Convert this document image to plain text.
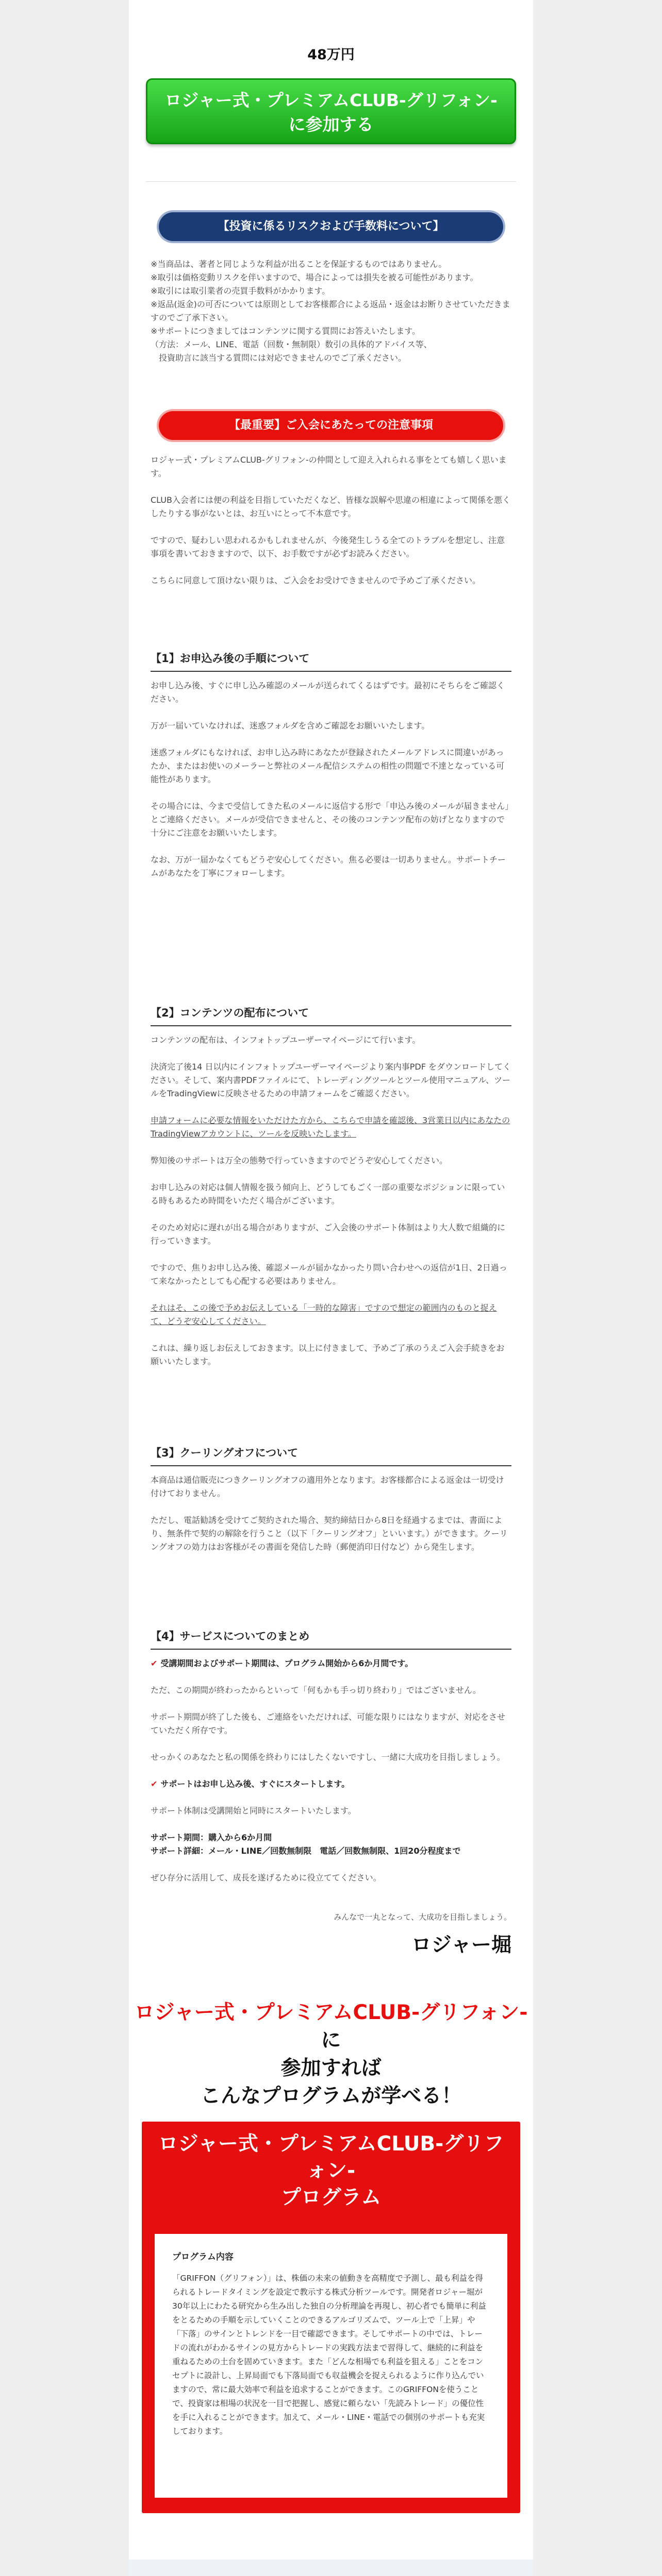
48万円
ロジャー式・プレミアムCLUB-グリフォン-
に参加する
【投資に係るリスクおよび手数料について】
※当商品は、著者と同じような利益が出ることを保証するものではありません。
※取引は価格変動リスクを伴いますので、場合によっては損失を被る可能性があります。
※取引には取引業者の売買手数料がかかります。
※返品(返金)の可否については原則としてお客様都合による返品・返金はお断りさせていただきますのでご了承下さい。
※サポートにつきましてはコンテンツに関する質問にお答えいたします。
（方法：メール、LINE、電話（回数・無制限）数引の具体的アドバイス等、
　投資助言に該当する質問には対応できませんのでご了承ください。
【最重要】ご入会にあたっての注意事項

ロジャー式・プレミアムCLUB-グリフォン-の仲間として迎え入れられる事をとても嬉しく思います。

CLUB入会者には便の利益を目指していただくなど、皆様な誤解や思違の相違によって関係を悪くしたりする事がないとは、お互いにとって不本意です。

ですので、疑わしい思われるかもしれませんが、今後発生しうる全てのトラブルを想定し、注意事項を書いておきますので、以下、お手数ですが必ずお読みください。

こちらに同意して頂けない限りは、ご入会をお受けできませんので予めご了承ください。

【1】お申込み後の手順について

お申し込み後、すぐに申し込み確認のメールが送られてくるはずです。最初にそちらをご確認ください。

万が一届いていなければ、迷惑フォルダを含めご確認をお願いいたします。

迷惑フォルダにもなければ、お申し込み時にあなたが登録されたメールアドレスに間違いがあったか、またはお使いのメーラーと弊社のメール配信システムの相性の問題で不達となっている可能性があります。

その場合には、今まで受信してきた私のメールに返信する形で「申込み後のメールが届きません」とご連絡ください。メールが受信できませんと、その後のコンテンツ配布の妨げとなりますので十分にご注意をお願いいたします。

なお、万が一届かなくてもどうぞ安心してください。焦る必要は一切ありません。サポートチームがあなたを丁寧にフォローします。

【2】コンテンツの配布について

コンテンツの配布は、インフォトップユーザーマイページにて行います。

決済完了後14 日以内にインフォトップユーザーマイページより案内事PDF をダウンロードしてください。そして、案内書PDFファイルにて、トレーディングツールとツール使用マニュアル、ツールをTradingViewに反映させるための申請フォームをご確認ください。

申請フォームに必要な情報をいただけた方から、こちらで申請を確認後、3営業日以内にあなたのTradingViewアカウントに、ツールを反映いたします。

弊知後のサポートは万全の態勢で行っていきますのでどうぞ安心してください。

お申し込みの対応は個人情報を扱う傾向上、どうしてもごく一部の重要なポジションに限っている時もあるため時間をいただく場合がございます。

そのため対応に遅れが出る場合がありますが、ご入会後のサポート体制はより大人数で組織的に行っていきます。

ですので、焦りお申し込み後、確認メールが届かなかったり問い合わせへの返信が1日、2日過って来なかったとしても心配する必要はありません。

それはそ、この後で予めお伝えしている「一時的な障害」ですので想定の範囲内のものと捉えて、どうぞ安心してください。

これは、繰り返しお伝えしておきます。以上に付きまして、予めご了承のうえご入会手続きをお願いいたします。

【3】クーリングオフについて

本商品は通信販売につきクーリングオフの適用外となります。お客様都合による返金は一切受け付けておりません。

ただし、電話勧誘を受けてご契約された場合、契約締結日から8日を経過するまでは、書面により、無条件で契約の解除を行うこと（以下「クーリングオフ」といいます。）ができます。クーリングオフの効力はお客様がその書面を発信した時（郵便消印日付など）から発生します。

【4】サービスについてのまとめ

✔ 受講期間およびサポート期間は、プログラム開始から6か月間です。

ただ、この期間が終わったからといって「何もかも手っ切り終わり」ではございません。

サポート期間が終了した後も、ご連絡をいただければ、可能な限りにはなりますが、対応をさせていただく所存です。

せっかくのあなたと私の関係を終わりにはしたくないですし、一緒に大成功を目指しましょう。

✔ サポートはお申し込み後、すぐにスタートします。

サポート体制は受講開始と同時にスタートいたします。

サポート期間：購入から6か月間

サポート詳細：メール・LINE／回数無制限　電話／回数無制限、1回20分程度まで

ぜひ存分に活用して、成長を遂げるために役立ててください。

みんなで一丸となって、大成功を目指しましょう。
ロジャー堀
ロジャー式・プレミアムCLUB-グリフォン-
に
参加すれば
こんなプログラムが学べる！
ロジャー式・プレミアムCLUB-グリフォン-
プログラム
プログラム内容
「GRIFFON（グリフォン）」は、株価の未来の値動きを高精度で予測し、最も利益を得られるトレードタイミングを設定で教示する株式分析ツールです。開発者ロジャー堀が30年以上にわたる研究から生み出した独自の分析理論を再現し、初心者でも簡単に利益をとるための手順を示していくことのできるアルゴリズムで、ツール上で「上昇」や「下落」のサインとトレンドを一目で確認できます。そしてサポートの中では、トレードの流れがわかるサインの見方からトレードの実践方法まで習得して、継続的に利益を重ねるための土台を固めていきます。また「どんな相場でも利益を狙える」ことをコンセプトに設計し、上昇局面でも下落局面でも収益機会を捉えられるように作り込んでいますので、常に最大効率で利益を追求することができます。このGRIFFONを使うことで、投資家は相場の状況を一目で把握し、感覚に頼らない「先読みトレード」の優位性を手に入れることができます。加えて、メール・LINE・電話での個別のサポートも充実しております。
